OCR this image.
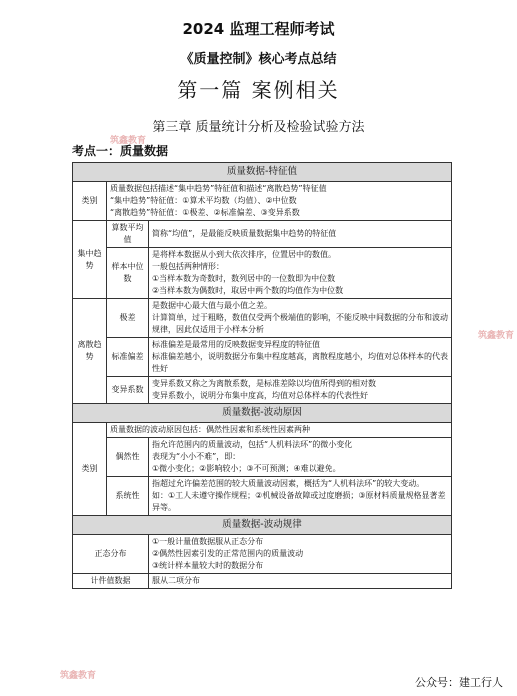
2024 监理工程师考试
《质量控制》核心考点总结
第一篇 案例相关
第三章 质量统计分析及检验试验方法
考点一：质量数据
筑鑫教育
筑鑫教育
筑鑫教育
质量数据-特征值		
类别	质量数据包括描述“集中趋势”特征值和描述“离散趋势”特征值
“集中趋势”特征值：①算术平均数（均值）、②中位数
“离散趋势”特征值：①极差、②标准偏差、③变异系数	

集中趋势	算数平均值	简称“均值”，是最能反映质量数据集中趋势的特征值
	样本中位数	是将样本数据从小到大依次排序，位置居中的数值。
一般包括两种情形：
①当样本数为奇数时，数列居中的一位数即为中位数
②当样本数为偶数时，取居中两个数的均值作为中位数

离散趋势	极差	是数据中心最大值与最小值之差。
计算简单，过于粗略，数值仅受两个极端值的影响，不能反映中间数据的分布和波动规律，因此仅适用于小样本分析

	标准偏差	标准偏差是最常用的反映数据变异程度的特征值
标准偏差越小，说明数据分布集中程度越高，离散程度越小，均值对总体样本的代表性好

	变异系数	变异系数又称之为离散系数，是标准差除以均值所得到的相对数
变异系数小，说明分布集中度高，均值对总体样本的代表性好

质量数据-波动原因		
类别	质量数据的波动原因包括：偶然性因素和系统性因素两种	
	偶然性	指允许范围内的质量波动，包括“人机料法环”的微小变化
表现为“小小不难”，即：
①微小变化；②影响较小；③不可预测；④难以避免。

	系统性	指超过允许偏差范围的较大质量波动因素，概括为“人机料法环”的较大变动。
如：①工人未遵守操作规程；②机械设备故障或过度磨损；③原材料质量规格显著差异等。

质量数据-波动规律		
正态分布		①一般计量值数据服从正态分布
②偶然性因素引发的正常范围内的质量波动
③统计样本量较大时的数据分布

计件值数据		服从二项分布
公众号：建工行人
